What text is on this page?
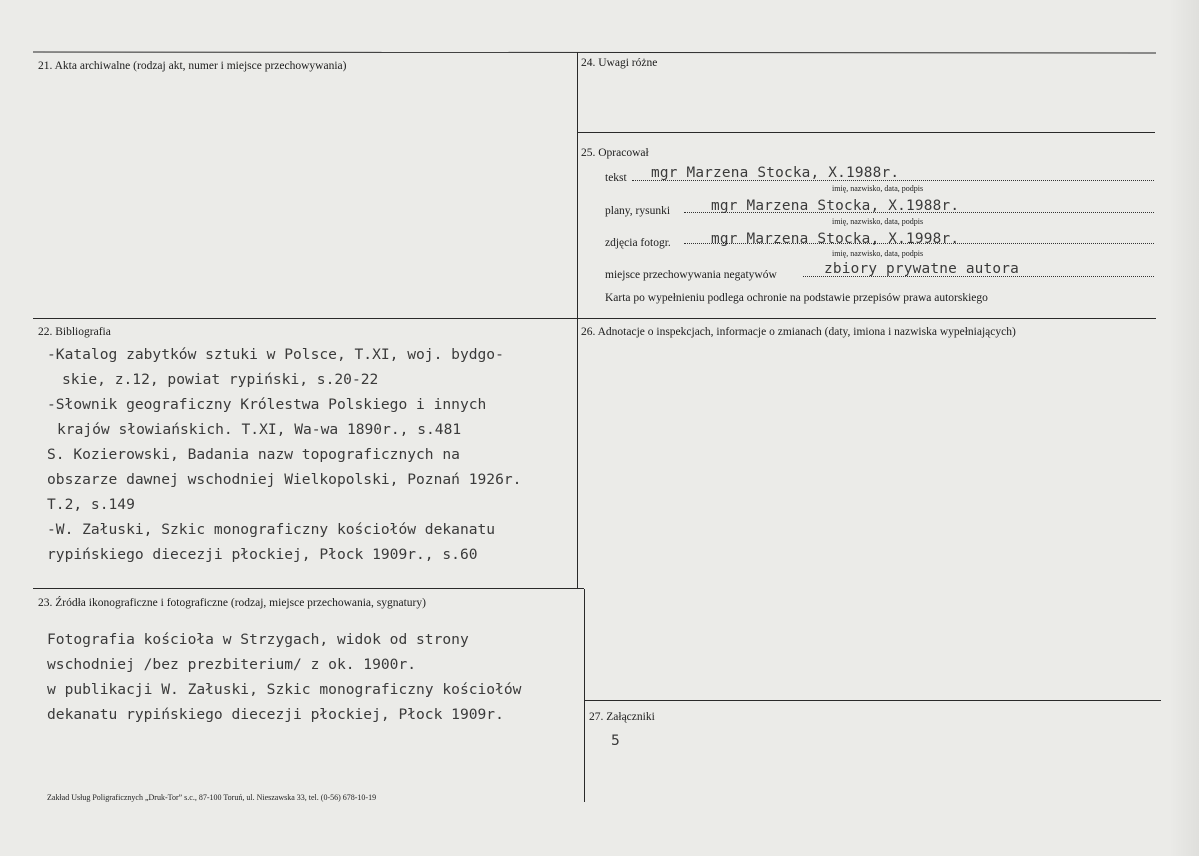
21. Akta archiwalne (rodzaj akt, numer i miejsce przechowywania)	24. Uwagi różne
25. Opracował
tekst mgr Marzena Stocka, X.1988r.
imię, nazwisko, data, podpis
plany, rysunki	mgr Marzena Stocka, X.1988r.
imię, nazwisko, data, podpis
zdjęcia fotogr.	mgr Marzena Stocka, X.1998r.
imię, nazwisko, data, podpis
miejsce przechowywania negatywów	zbiory prywatne autora
Karta po wypełnieniu podlega ochronie na podstawie przepisów prawa autorskiego
22. Bibliografia
-Katalog zabytków sztuki w Polsce, T.XI, woj. bydgo-
skie, z.12, powiat rypiński, s.20-22
-Słownik geograficzny Królestwa Polskiego i innych
krajów słowiańskich. T.XI, Wa-wa 1890r., s.481
S. Kozierowski, Badania nazw topograficznych na
obszarze dawnej wschodniej Wielkopolski, Poznań 1926r.
T.2, s.149
-W. Załuski, Szkic monograficzny kościołów dekanatu
rypińskiego diecezji płockiej, Płock 1909r., s.60
26. Adnotacje o inspekcjach, informacje o zmianach (daty, imiona i nazwiska wypełniających)
23. Źródła ikonograficzne i fotograficzne (rodzaj, miejsce przechowania, sygnatury)
Fotografia kościoła w Strzygach, widok od strony
wschodniej /bez prezbiterium/ z ok. 1900r.
w publikacji W. Załuski, Szkic monograficzny kościołów
dekanatu rypińskiego diecezji płockiej, Płock 1909r.	27. Załączniki
5
Zakład Usług Poligraficznych „Druk-Tor” s.c., 87-100 Toruń, ul. Nieszawska 33, tel. (0-56) 678-10-19
